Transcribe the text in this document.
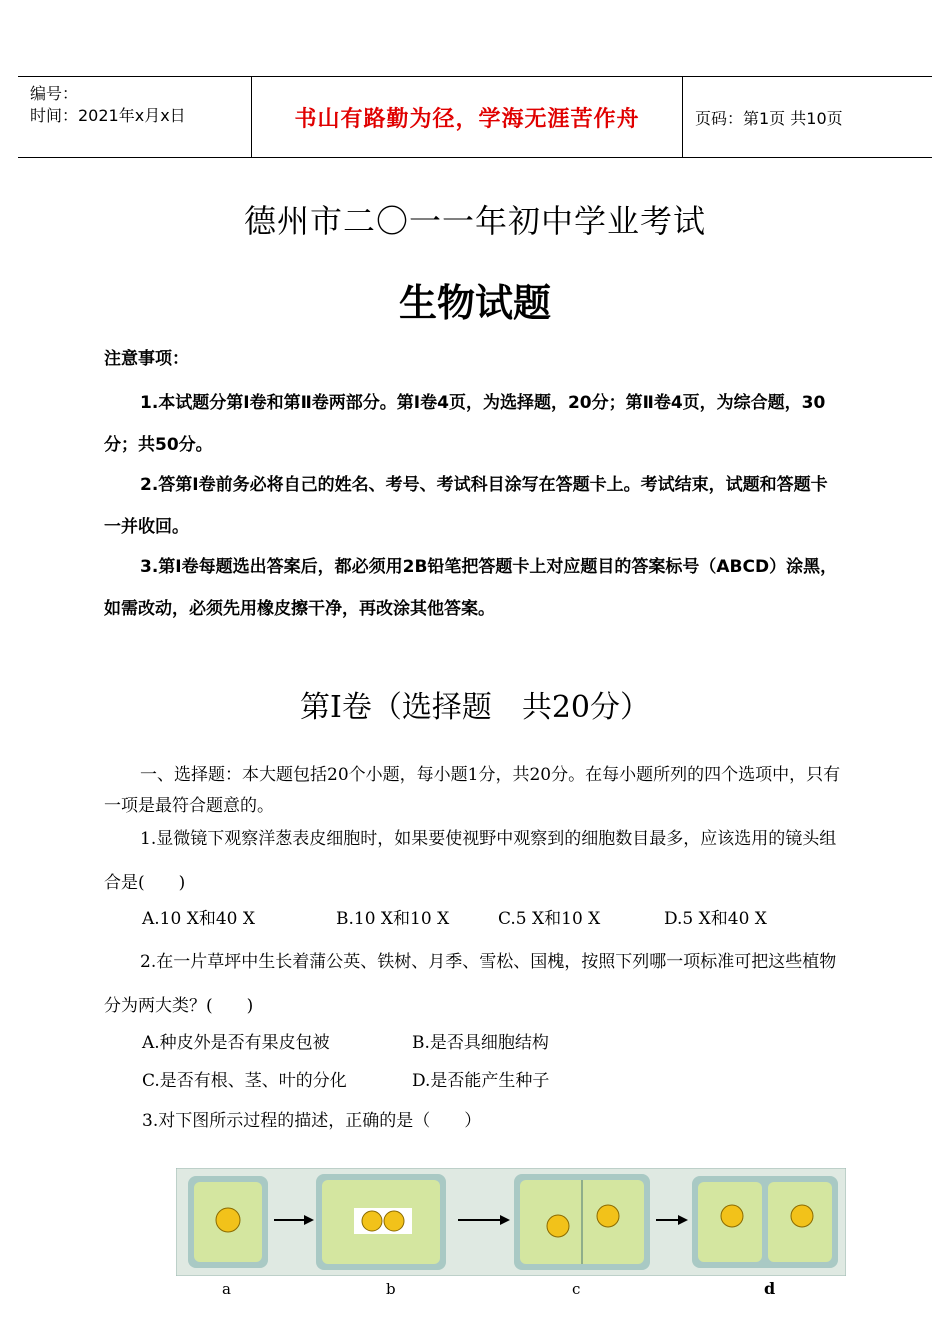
编号：
时间：2021年x月x日	书山有路勤为径，学海无涯苦作舟	页码：第1页 共10页
德州市二〇一一年初中学业考试
生物试题
注意事项：
1.本试题分第Ⅰ卷和第Ⅱ卷两部分。第Ⅰ卷4页，为选择题，20分；第Ⅱ卷4页，为综合题，30分；共50分。
2.答第Ⅰ卷前务必将自己的姓名、考号、考试科目涂写在答题卡上。考试结束，试题和答题卡一并收回。
3.第Ⅰ卷每题选出答案后，都必须用2B铅笔把答题卡上对应题目的答案标号（ABCD）涂黑，如需改动，必须先用橡皮擦干净，再改涂其他答案。
第Ⅰ卷（选择题　共20分）
一、选择题：本大题包括20个小题，每小题1分，共20分。在每小题所列的四个选项中，只有一项是最符合题意的。
1.显微镜下观察洋葱表皮细胞时，如果要使视野中观察到的细胞数目最多，应该选用的镜头组合是(　　)
A.10 X和40 X	B.10 X和10 X	C.5 X和10 X	D.5 X和40 X
2.在一片草坪中生长着蒲公英、铁树、月季、雪松、国槐，按照下列哪一项标准可把这些植物分为两大类？(　　)
A.种皮外是否有果皮包被	B.是否具细胞结构
C.是否有根、茎、叶的分化	D.是否能产生种子
3.对下图所示过程的描述，正确的是（　　）
a	b	c	d
